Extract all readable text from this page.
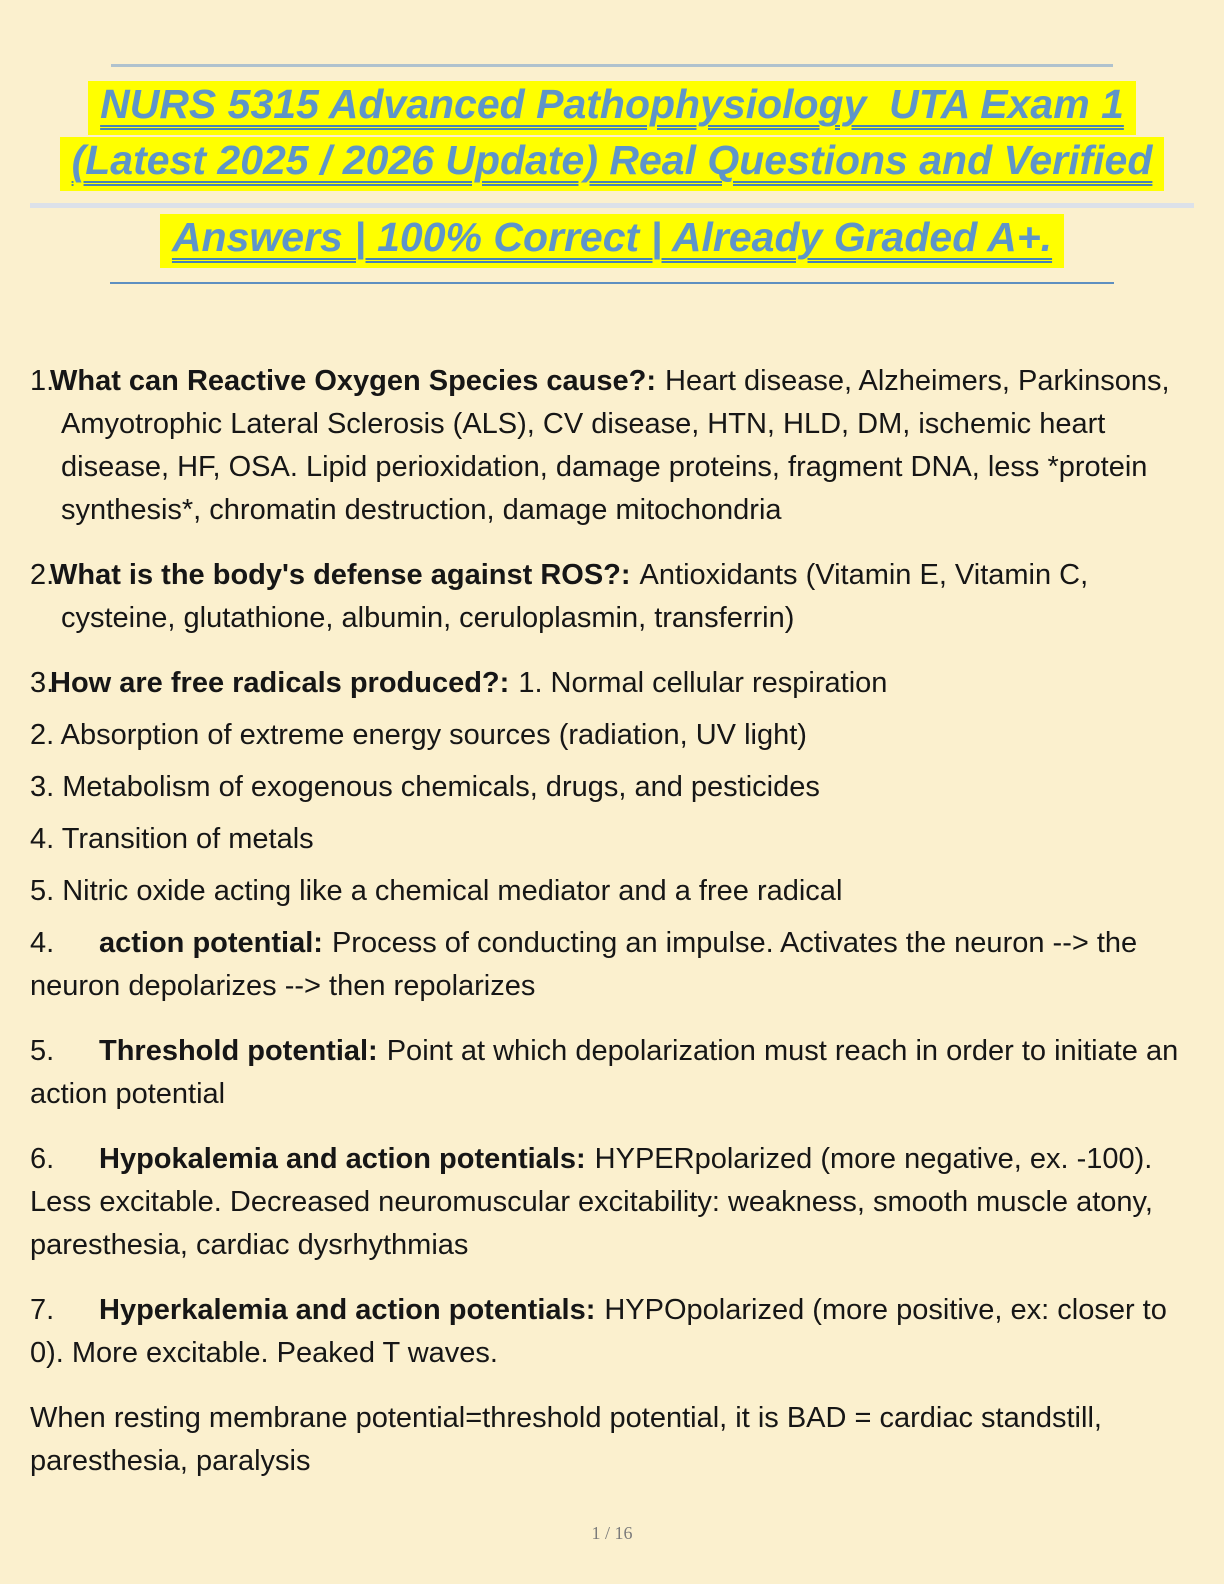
NURS 5315 Advanced Pathophysiology  UTA Exam 1
(Latest 2025 / 2026 Update) Real Questions and Verified
Answers | 100% Correct | Already Graded A+.

1.What can Reactive Oxygen Species cause?: Heart disease, Alzheimers, Parkinsons, Amyotrophic Lateral Sclerosis (ALS), CV disease, HTN, HLD, DM, ischemic heart disease, HF, OSA. Lipid perioxidation, damage proteins, fragment DNA, less *protein synthesis*, chromatin destruction, damage mitochondria

2.What is the body's defense against ROS?: Antioxidants (Vitamin E, Vitamin C, cysteine, glutathione, albumin, ceruloplasmin, transferrin)

3.How are free radicals produced?: 1. Normal cellular respiration

2. Absorption of extreme energy sources (radiation, UV light)

3. Metabolism of exogenous chemicals, drugs, and pesticides

4. Transition of metals

5. Nitric oxide acting like a chemical mediator and a free radical

4. action potential: Process of conducting an impulse. Activates the neuron --> the neuron depolarizes --> then repolarizes

5. Threshold potential: Point at which depolarization must reach in order to initiate an action potential

6. Hypokalemia and action potentials: HYPERpolarized (more negative, ex. -100). Less excitable. Decreased neuromuscular excitability: weakness, smooth muscle atony, paresthesia, cardiac dysrhythmias

7. Hyperkalemia and action potentials: HYPOpolarized (more positive, ex: closer to 0). More excitable. Peaked T waves.

When resting membrane potential=threshold potential, it is BAD = cardiac standstill, paresthesia, paralysis

1 / 16
